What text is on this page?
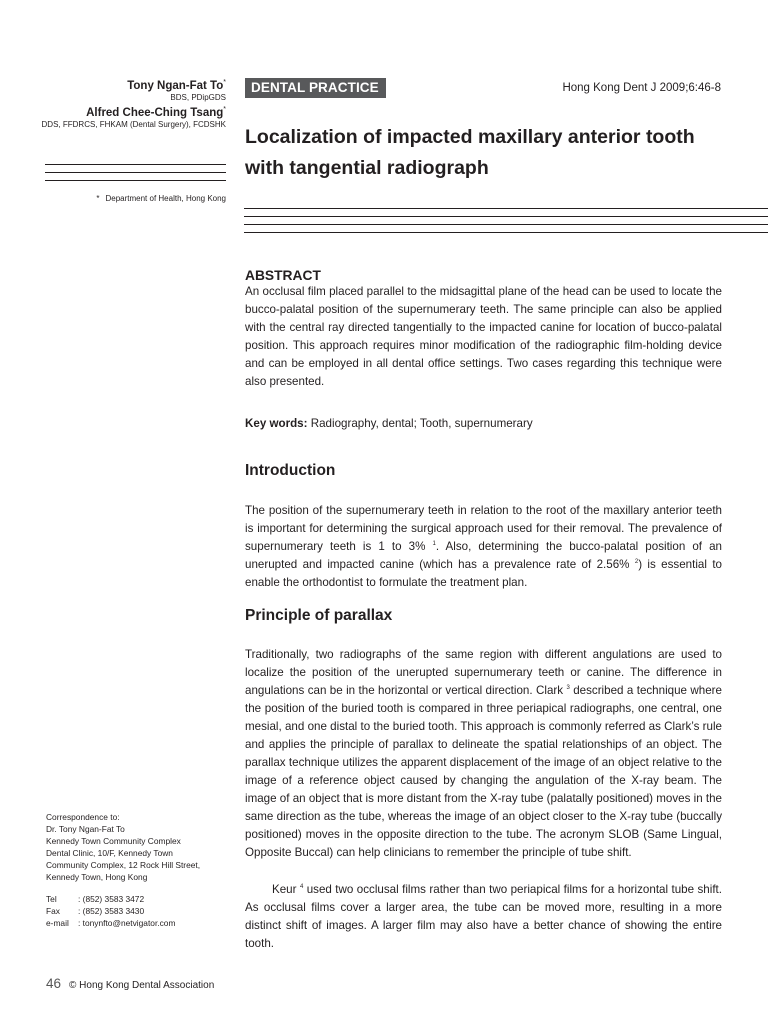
Tony Ngan-Fat To*
BDS, PDipGDS
Alfred Chee-Ching Tsang*
DDS, FFDRCS, FHKAM (Dental Surgery), FCDSHK
* Department of Health, Hong Kong
Correspondence to:
Dr. Tony Ngan-Fat To
Kennedy Town Community Complex
Dental Clinic, 10/F, Kennedy Town
Community Complex, 12 Rock Hill Street,
Kennedy Town, Hong Kong
Tel	: (852) 3583 3472
Fax	: (852) 3583 3430
e-mail	: tonynfto@netvigator.com
46 © Hong Kong Dental Association
DENTAL PRACTICE	Hong Kong Dent J 2009;6:46-8
Localization of impacted maxillary anterior tooth with tangential radiograph
ABSTRACT

An occlusal film placed parallel to the midsagittal plane of the head can be used to locate the bucco-palatal position of the supernumerary teeth. The same principle can also be applied with the central ray directed tangentially to the impacted canine for location of bucco-palatal position. This approach requires minor modification of the radiographic film-holding device and can be employed in all dental office settings. Two cases regarding this technique were also presented.

Key words: Radiography, dental; Tooth, supernumerary
Introduction

The position of the supernumerary teeth in relation to the root of the maxillary anterior teeth is important for determining the surgical approach used for their removal. The prevalence of supernumerary teeth is 1 to 3% $^1$. Also, determining the bucco-palatal position of an unerupted and impacted canine (which has a prevalence rate of 2.56% $^2$) is essential to enable the orthodontist to formulate the treatment plan.

Principle of parallax

Traditionally, two radiographs of the same region with different angulations are used to localize the position of the unerupted supernumerary teeth or canine. The difference in angulations can be in the horizontal or vertical direction. Clark $^3$ described a technique where the position of the buried tooth is compared in three periapical radiographs, one central, one mesial, and one distal to the buried tooth. This approach is commonly referred as Clark’s rule and applies the principle of parallax to delineate the spatial relationships of an object. The parallax technique utilizes the apparent displacement of the image of an object relative to the image of a reference object caused by changing the angulation of the X-ray beam. The image of an object that is more distant from the X-ray tube (palatally positioned) moves in the same direction as the tube, whereas the image of an object closer to the X-ray tube (buccally positioned) moves in the opposite direction to the tube. The acronym SLOB (Same Lingual, Opposite Buccal) can help clinicians to remember the principle of tube shift.

Keur $^4$ used two occlusal films rather than two periapical films for a horizontal tube shift. As occlusal films cover a larger area, the tube can be moved more, resulting in a more distinct shift of images. A larger film may also have a better chance of showing the entire tooth.
